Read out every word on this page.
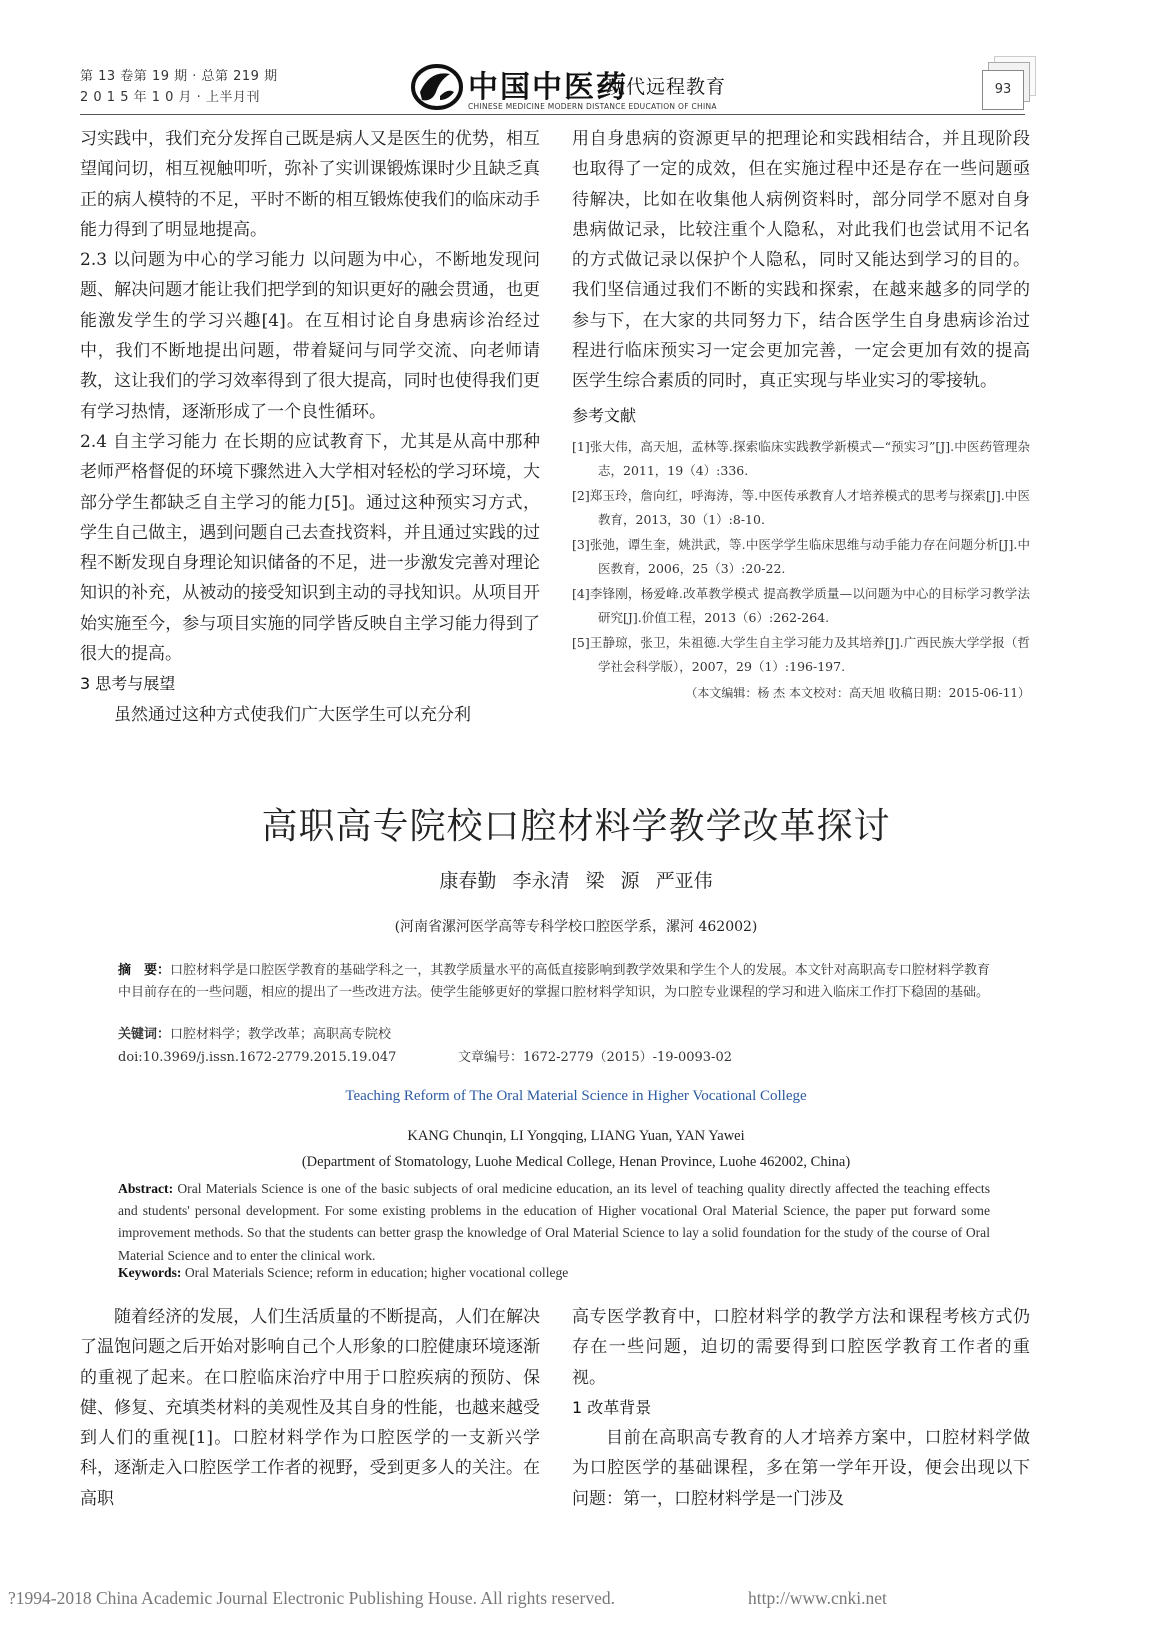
第 13 卷第 19 期 · 总第 219 期
2 0 1 5 年 1 0 月 · 上半月刊	中国中医药
现代远程教育
CHINESE MEDICINE MODERN DISTANCE EDUCATION OF CHINA
93

习实践中，我们充分发挥自己既是病人又是医生的优势，相互望闻问切，相互视触叩听，弥补了实训课锻炼课时少且缺乏真正的病人模特的不足，平时不断的相互锻炼使我们的临床动手能力得到了明显地提高。

2.3 以问题为中心的学习能力 以问题为中心，不断地发现问题、解决问题才能让我们把学到的知识更好的融会贯通，也更能激发学生的学习兴趣[4]。在互相讨论自身患病诊治经过中，我们不断地提出问题，带着疑问与同学交流、向老师请教，这让我们的学习效率得到了很大提高，同时也使得我们更有学习热情，逐渐形成了一个良性循环。

2.4 自主学习能力 在长期的应试教育下，尤其是从高中那种老师严格督促的环境下骤然进入大学相对轻松的学习环境，大部分学生都缺乏自主学习的能力[5]。通过这种预实习方式，学生自己做主，遇到问题自己去查找资料，并且通过实践的过程不断发现自身理论知识储备的不足，进一步激发完善对理论知识的补充，从被动的接受知识到主动的寻找知识。从项目开始实施至今，参与项目实施的同学皆反映自主学习能力得到了很大的提高。

3 思考与展望

虽然通过这种方式使我们广大医学生可以充分利

用自身患病的资源更早的把理论和实践相结合，并且现阶段也取得了一定的成效，但在实施过程中还是存在一些问题亟待解决，比如在收集他人病例资料时，部分同学不愿对自身患病做记录，比较注重个人隐私，对此我们也尝试用不记名的方式做记录以保护个人隐私，同时又能达到学习的目的。我们坚信通过我们不断的实践和探索，在越来越多的同学的参与下，在大家的共同努力下，结合医学生自身患病诊治过程进行临床预实习一定会更加完善，一定会更加有效的提高医学生综合素质的同时，真正实现与毕业实习的零接轨。

参考文献
[1]张大伟，高天旭，孟林等.探索临床实践教学新模式—“预实习”[J].中医药管理杂志，2011，19（4）:336.
[2]郑玉玲，詹向红，呼海涛，等.中医传承教育人才培养模式的思考与探索[J].中医教育，2013，30（1）:8-10.
[3]张弛，谭生奎，姚洪武，等.中医学学生临床思维与动手能力存在问题分析[J].中医教育，2006，25（3）:20-22.
[4]李锋刚，杨爱峰.改革教学模式 提高教学质量—以问题为中心的目标学习教学法研究[J].价值工程，2013（6）:262-264.
[5]王静琼，张卫，朱祖德.大学生自主学习能力及其培养[J].广西民族大学学报（哲学社会科学版），2007，29（1）:196-197.
（本文编辑：杨 杰 本文校对：高天旭 收稿日期：2015-06-11）
高职高专院校口腔材料学教学改革探讨
康春勤 李永清 梁 源 严亚伟
(河南省漯河医学高等专科学校口腔医学系，漯河 462002)
摘　要：口腔材料学是口腔医学教育的基础学科之一，其教学质量水平的高低直接影响到教学效果和学生个人的发展。本文针对高职高专口腔材料学教育中目前存在的一些问题，相应的提出了一些改进方法。使学生能够更好的掌握口腔材料学知识，为口腔专业课程的学习和进入临床工作打下稳固的基础。
关键词：口腔材料学；教学改革；高职高专院校
doi:10.3969/j.issn.1672-2779.2015.19.047	文章编号：1672-2779（2015）-19-0093-02
Teaching Reform of The Oral Material Science in Higher Vocational College
KANG Chunqin, LI Yongqing, LIANG Yuan, YAN Yawei
(Department of Stomatology, Luohe Medical College, Henan Province, Luohe 462002, China)
Abstract: Oral Materials Science is one of the basic subjects of oral medicine education, an its level of teaching quality directly affected the teaching effects and students' personal development. For some existing problems in the education of Higher vocational Oral Material Science, the paper put forward some improvement methods. So that the students can better grasp the knowledge of Oral Material Science to lay a solid foundation for the study of the course of Oral Material Science and to enter the clinical work.
Keywords: Oral Materials Science; reform in education; higher vocational college

随着经济的发展，人们生活质量的不断提高，人们在解决了温饱问题之后开始对影响自己个人形象的口腔健康环境逐渐的重视了起来。在口腔临床治疗中用于口腔疾病的预防、保健、修复、充填类材料的美观性及其自身的性能，也越来越受到人们的重视[1]。口腔材料学作为口腔医学的一支新兴学科，逐渐走入口腔医学工作者的视野，受到更多人的关注。在高职

高专医学教育中，口腔材料学的教学方法和课程考核方式仍存在一些问题，迫切的需要得到口腔医学教育工作者的重视。

1 改革背景

目前在高职高专教育的人才培养方案中，口腔材料学做为口腔医学的基础课程，多在第一学年开设，便会出现以下问题：第一，口腔材料学是一门涉及

?1994-2018 China Academic Journal Electronic Publishing House. All rights reserved.	http://www.cnki.net
